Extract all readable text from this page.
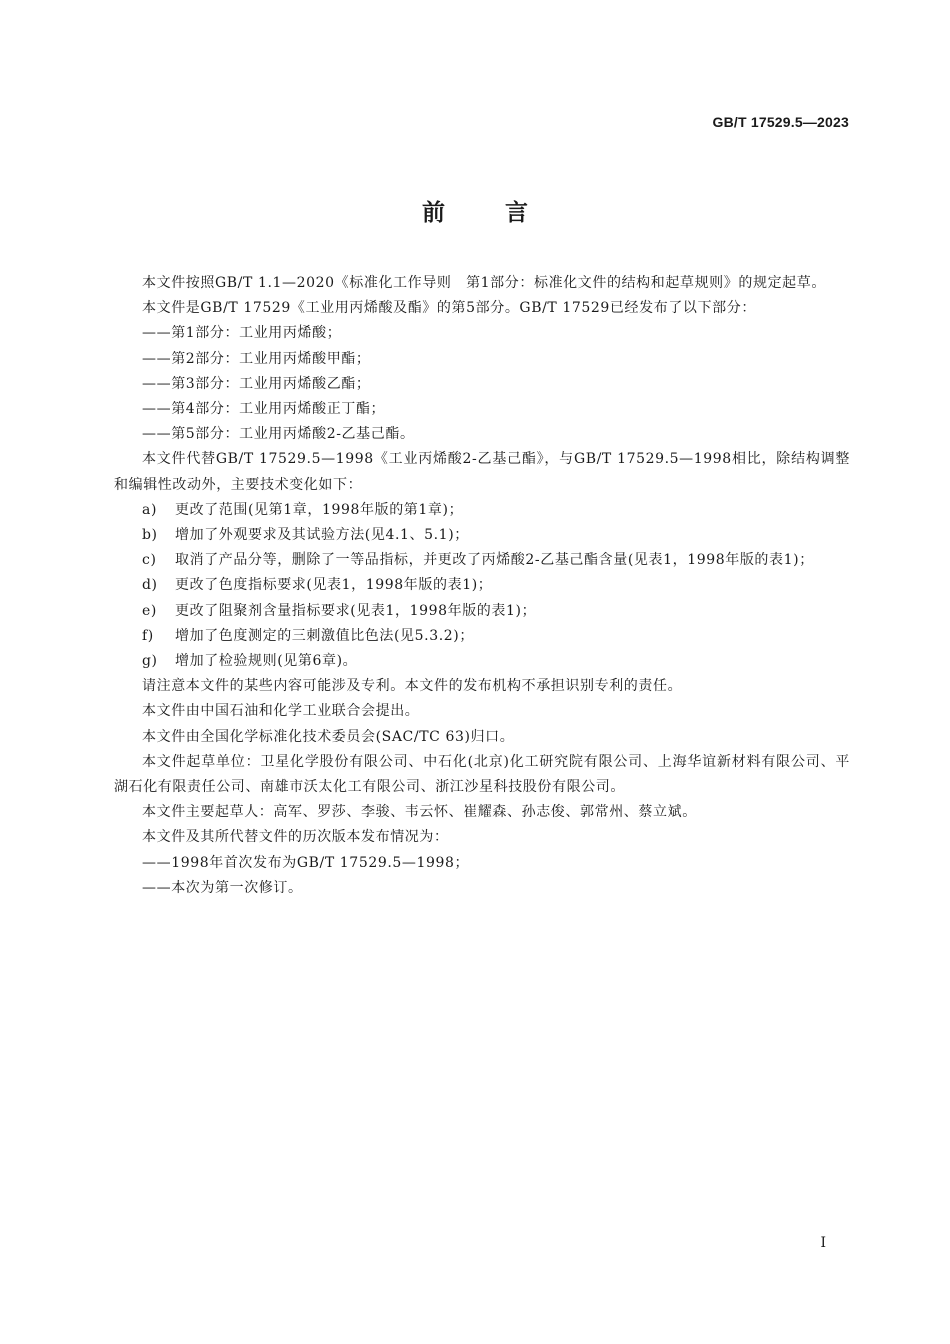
GB/T 17529.5—2023
前言

本文件按照GB/T 1.1—2020《标准化工作导则　第1部分：标准化文件的结构和起草规则》的规定起草。

本文件是GB/T 17529《工业用丙烯酸及酯》的第5部分。GB/T 17529已经发布了以下部分：

——第1部分：工业用丙烯酸；

——第2部分：工业用丙烯酸甲酯；

——第3部分：工业用丙烯酸乙酯；

——第4部分：工业用丙烯酸正丁酯；

——第5部分：工业用丙烯酸2-乙基己酯。

本文件代替GB/T 17529.5—1998《工业丙烯酸2-乙基己酯》，与GB/T 17529.5—1998相比，除结构调整和编辑性改动外，主要技术变化如下：

a)	更改了范围(见第1章，1998年版的第1章)；
b)	增加了外观要求及其试验方法(见4.1、5.1)；
c)	取消了产品分等，删除了一等品指标，并更改了丙烯酸2-乙基己酯含量(见表1，1998年版的表1)；
d)	更改了色度指标要求(见表1，1998年版的表1)；
e)	更改了阻聚剂含量指标要求(见表1，1998年版的表1)；
f)	增加了色度测定的三刺激值比色法(见5.3.2)；
g)	增加了检验规则(见第6章)。

请注意本文件的某些内容可能涉及专利。本文件的发布机构不承担识别专利的责任。

本文件由中国石油和化学工业联合会提出。

本文件由全国化学标准化技术委员会(SAC/TC 63)归口。

本文件起草单位：卫星化学股份有限公司、中石化(北京)化工研究院有限公司、上海华谊新材料有限公司、平湖石化有限责任公司、南雄市沃太化工有限公司、浙江沙星科技股份有限公司。

本文件主要起草人：高军、罗莎、李骏、韦云怀、崔耀森、孙志俊、郭常州、蔡立斌。

本文件及其所代替文件的历次版本发布情况为：

——1998年首次发布为GB/T 17529.5—1998；

——本次为第一次修订。

I
